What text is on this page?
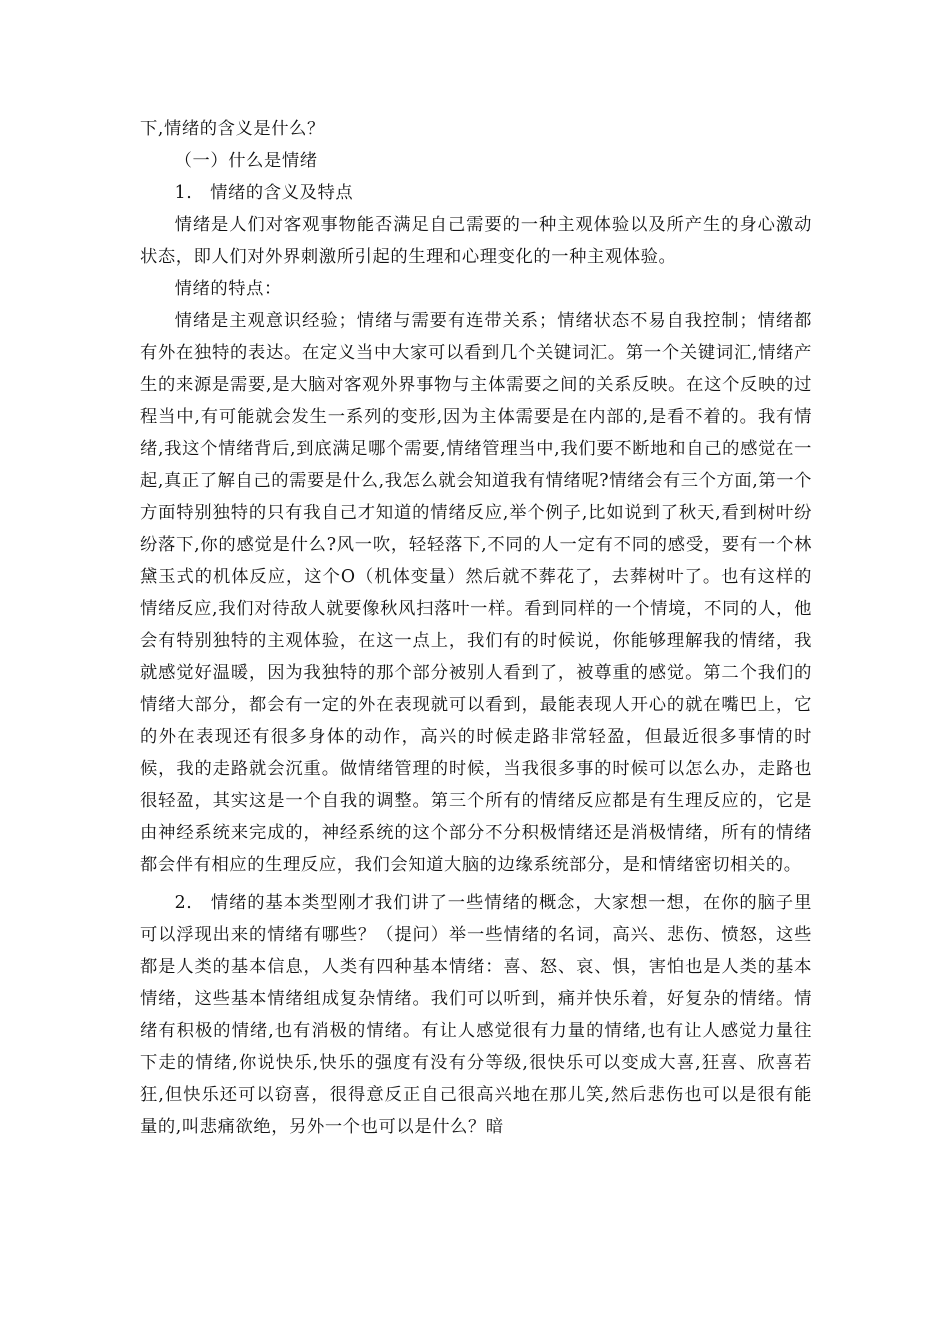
下,情绪的含义是什么？

（一）什么是情绪

1.　情绪的含义及特点

情绪是人们对客观事物能否满足自己需要的一种主观体验以及所产生的身心激动状态，即人们对外界刺激所引起的生理和心理变化的一种主观体验。

情绪的特点：

情绪是主观意识经验；情绪与需要有连带关系；情绪状态不易自我控制；情绪都有外在独特的表达。在定义当中大家可以看到几个关键词汇。第一个关键词汇,情绪产生的来源是需要,是大脑对客观外界事物与主体需要之间的关系反映。在这个反映的过程当中,有可能就会发生一系列的变形,因为主体需要是在内部的,是看不着的。我有情绪,我这个情绪背后,到底满足哪个需要,情绪管理当中,我们要不断地和自己的感觉在一起,真正了解自己的需要是什么,我怎么就会知道我有情绪呢?情绪会有三个方面,第一个方面特别独特的只有我自己才知道的情绪反应,举个例子,比如说到了秋天,看到树叶纷纷落下,你的感觉是什么?风一吹，轻轻落下,不同的人一定有不同的感受，要有一个林黛玉式的机体反应，这个O（机体变量）然后就不葬花了，去葬树叶了。也有这样的情绪反应,我们对待敌人就要像秋风扫落叶一样。看到同样的一个情境，不同的人，他会有特别独特的主观体验，在这一点上，我们有的时候说，你能够理解我的情绪，我就感觉好温暖，因为我独特的那个部分被别人看到了，被尊重的感觉。第二个我们的情绪大部分，都会有一定的外在表现就可以看到，最能表现人开心的就在嘴巴上，它的外在表现还有很多身体的动作，高兴的时候走路非常轻盈，但最近很多事情的时候，我的走路就会沉重。做情绪管理的时候，当我很多事的时候可以怎么办，走路也很轻盈，其实这是一个自我的调整。第三个所有的情绪反应都是有生理反应的，它是由神经系统来完成的，神经系统的这个部分不分积极情绪还是消极情绪，所有的情绪都会伴有相应的生理反应，我们会知道大脑的边缘系统部分，是和情绪密切相关的。

2.　情绪的基本类型刚才我们讲了一些情绪的概念，大家想一想，在你的脑子里可以浮现出来的情绪有哪些？（提问）举一些情绪的名词，高兴、悲伤、愤怒，这些都是人类的基本信息，人类有四种基本情绪：喜、怒、哀、惧，害怕也是人类的基本情绪，这些基本情绪组成复杂情绪。我们可以听到，痛并快乐着，好复杂的情绪。情绪有积极的情绪,也有消极的情绪。有让人感觉很有力量的情绪,也有让人感觉力量往下走的情绪,你说快乐,快乐的强度有没有分等级,很快乐可以变成大喜,狂喜、欣喜若狂,但快乐还可以窃喜，很得意反正自己很高兴地在那儿笑,然后悲伤也可以是很有能量的,叫悲痛欲绝，另外一个也可以是什么？暗
